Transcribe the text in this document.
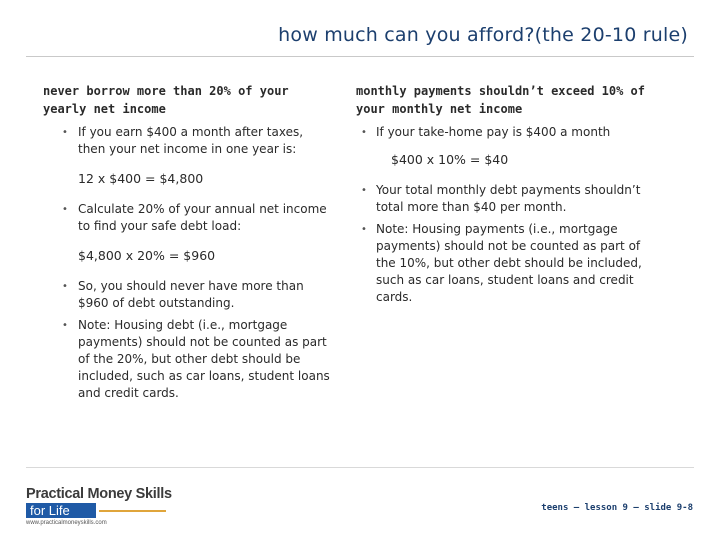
how much can you afford?(the 20-10 rule)
never borrow more than 20% of your yearly net income
• If you earn $400 a month after taxes, then your net income in one year is:
12 x $400 = $4,800
• Calculate 20% of your annual net income to find your safe debt load:
$4,800 x 20% = $960
• So, you should never have more than $960 of debt outstanding.
• Note: Housing debt (i.e., mortgage payments) should not be counted as part of the 20%, but other debt should be included, such as car loans, student loans and credit cards.
monthly payments shouldn’t exceed 10% of your monthly net income
• If your take-home pay is $400 a month
$400 x 10% = $40
• Your total monthly debt payments shouldn’t total more than $40 per month.
• Note: Housing payments (i.e., mortgage payments) should not be counted as part of the 10%, but other debt should be included, such as car loans, student loans and credit cards.
Practical Money Skills
for Life
www.practicalmoneyskills.com
teens – lesson 9 – slide 9-8
